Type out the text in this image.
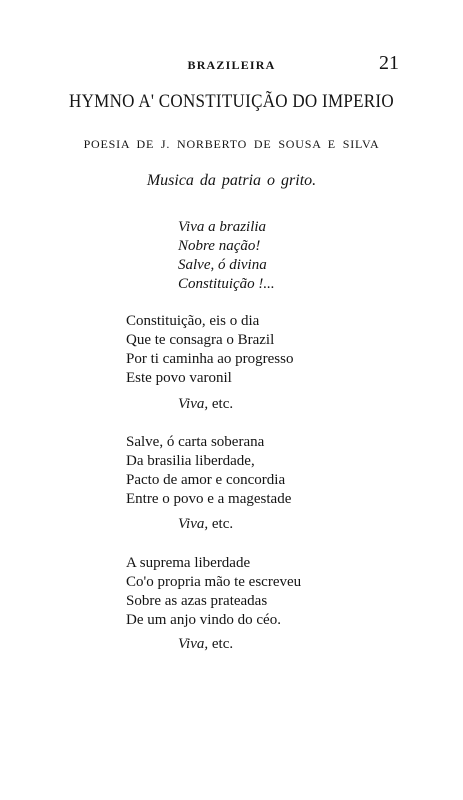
BRAZILEIRA	21
HYMNO A' CONSTITUIÇÃO DO IMPERIO
POESIA DE J. NORBERTO DE SOUSA E SILVA
Musica da patria o grito.
Viva a brazilia
Nobre nação!
Salve, ó divina
Constituição !...
Constituição, eis o dia
Que te consagra o Brazil
Por ti caminha ao progresso
Este povo varonil
Viva, etc.
Salve, ó carta soberana
Da brasilia liberdade,
Pacto de amor e concordia
Entre o povo e a magestade
Viva, etc.
A suprema liberdade
Co'o propria mão te escreveu
Sobre as azas prateadas
De um anjo vindo do céo.
Viva, etc.
